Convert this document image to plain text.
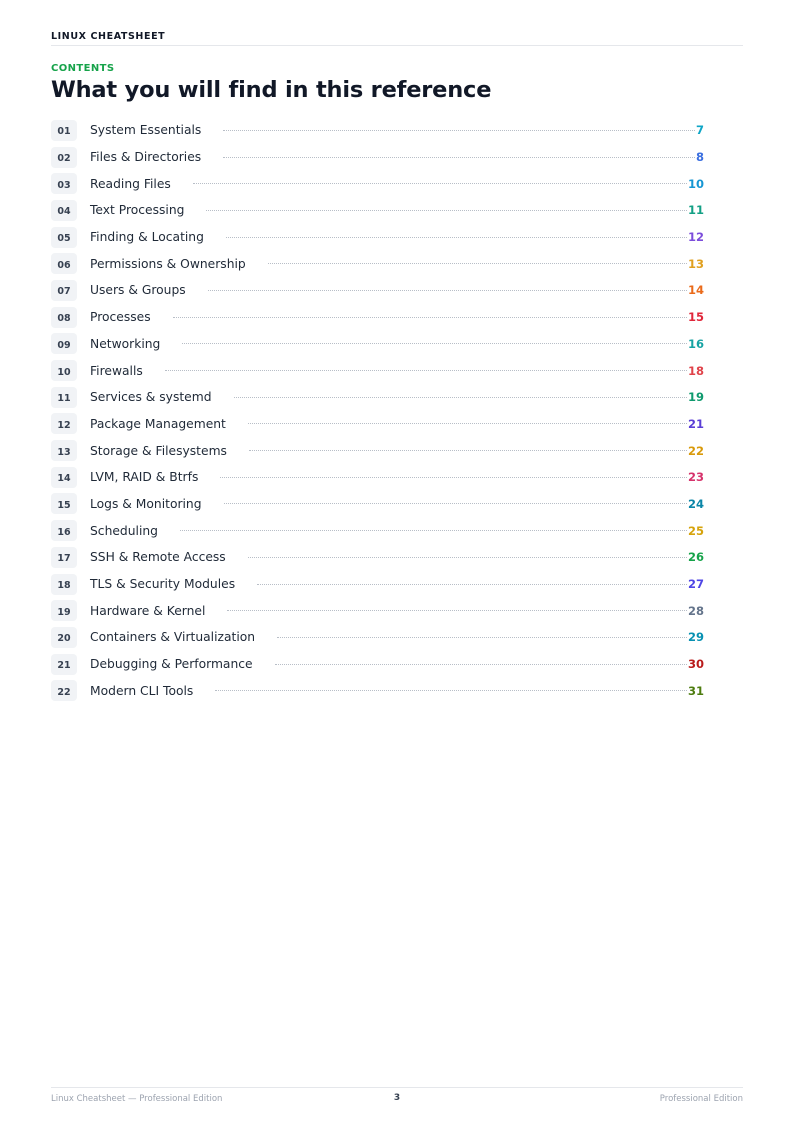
LINUX CHEATSHEET
CONTENTS
What you will find in this reference
01	System Essentials	7
02	Files & Directories	8
03	Reading Files	10
04	Text Processing	11
05	Finding & Locating	12
06	Permissions & Ownership	13
07	Users & Groups	14
08	Processes	15
09	Networking	16
10	Firewalls	18
11	Services & systemd	19
12	Package Management	21
13	Storage & Filesystems	22
14	LVM, RAID & Btrfs	23
15	Logs & Monitoring	24
16	Scheduling	25
17	SSH & Remote Access	26
18	TLS & Security Modules	27
19	Hardware & Kernel	28
20	Containers & Virtualization	29
21	Debugging & Performance	30
22	Modern CLI Tools	31
Linux Cheatsheet — Professional Edition	3	Professional Edition
